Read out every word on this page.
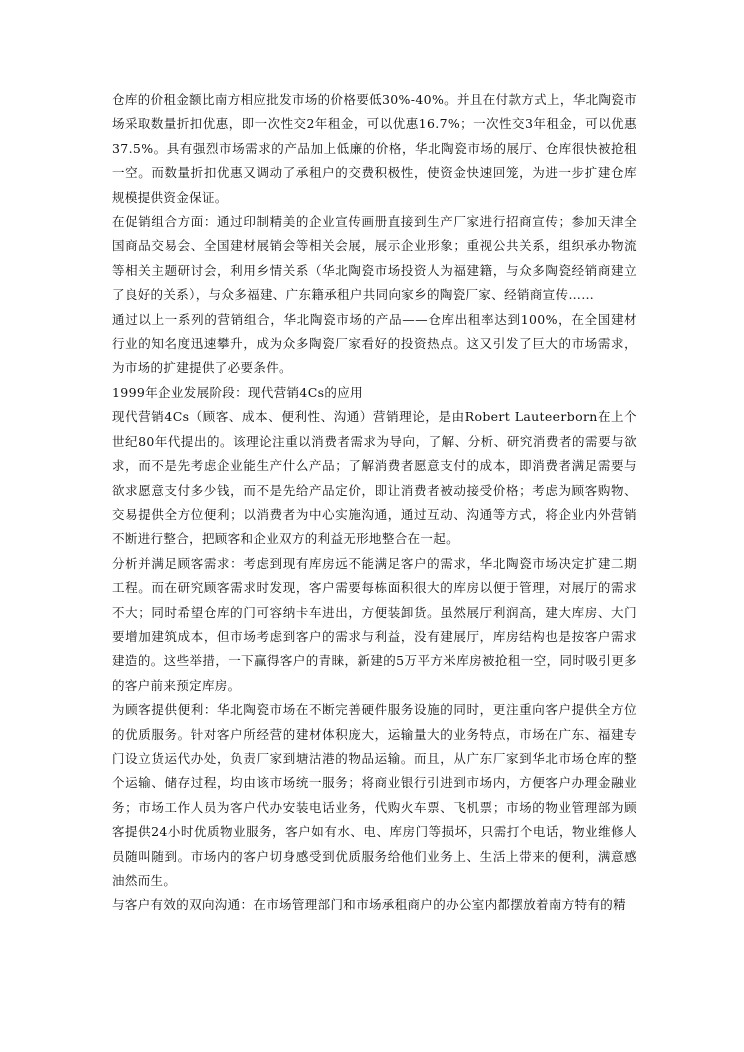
仓库的价租金额比南方相应批发市场的价格要低30%-40%。并且在付款方式上，华北陶瓷市场采取数量折扣优惠，即一次性交2年租金，可以优惠16.7%；一次性交3年租金，可以优惠37.5%。具有强烈市场需求的产品加上低廉的价格，华北陶瓷市场的展厅、仓库很快被抢租一空。而数量折扣优惠又调动了承租户的交费积极性，使资金快速回笼，为进一步扩建仓库规模提供资金保证。

在促销组合方面：通过印制精美的企业宣传画册直接到生产厂家进行招商宣传；参加天津全国商品交易会、全国建材展销会等相关会展，展示企业形象；重视公共关系，组织承办物流等相关主题研讨会，利用乡情关系（华北陶瓷市场投资人为福建籍，与众多陶瓷经销商建立了良好的关系），与众多福建、广东籍承租户共同向家乡的陶瓷厂家、经销商宣传……

通过以上一系列的营销组合，华北陶瓷市场的产品——仓库出租率达到100%，在全国建材行业的知名度迅速攀升，成为众多陶瓷厂家看好的投资热点。这又引发了巨大的市场需求，为市场的扩建提供了必要条件。

1999年企业发展阶段：现代营销4Cs的应用

现代营销4Cs（顾客、成本、便利性、沟通）营销理论，是由Robert Lauteerborn在上个世纪80年代提出的。该理论注重以消费者需求为导向，了解、分析、研究消费者的需要与欲求，而不是先考虑企业能生产什么产品；了解消费者愿意支付的成本，即消费者满足需要与欲求愿意支付多少钱，而不是先给产品定价，即让消费者被动接受价格；考虑为顾客购物、交易提供全方位便利；以消费者为中心实施沟通，通过互动、沟通等方式，将企业内外营销不断进行整合，把顾客和企业双方的利益无形地整合在一起。

分析并满足顾客需求：考虑到现有库房远不能满足客户的需求，华北陶瓷市场决定扩建二期工程。而在研究顾客需求时发现，客户需要每栋面积很大的库房以便于管理，对展厅的需求不大；同时希望仓库的门可容纳卡车进出，方便装卸货。虽然展厅利润高，建大库房、大门要增加建筑成本，但市场考虑到客户的需求与利益，没有建展厅，库房结构也是按客户需求建造的。这些举措，一下赢得客户的青睐，新建的5万平方米库房被抢租一空，同时吸引更多的客户前来预定库房。

为顾客提供便利：华北陶瓷市场在不断完善硬件服务设施的同时，更注重向客户提供全方位的优质服务。针对客户所经营的建材体积庞大，运输量大的业务特点，市场在广东、福建专门设立货运代办处，负责厂家到塘沽港的物品运输。而且，从广东厂家到华北市场仓库的整个运输、储存过程，均由该市场统一服务；将商业银行引进到市场内，方便客户办理金融业务；市场工作人员为客户代办安装电话业务，代购火车票、飞机票；市场的物业管理部为顾客提供24小时优质物业服务，客户如有水、电、库房门等损坏，只需打个电话，物业维修人员随叫随到。市场内的客户切身感受到优质服务给他们业务上、生活上带来的便利，满意感油然而生。

与客户有效的双向沟通：在市场管理部门和市场承租商户的办公室内都摆放着南方特有的精
